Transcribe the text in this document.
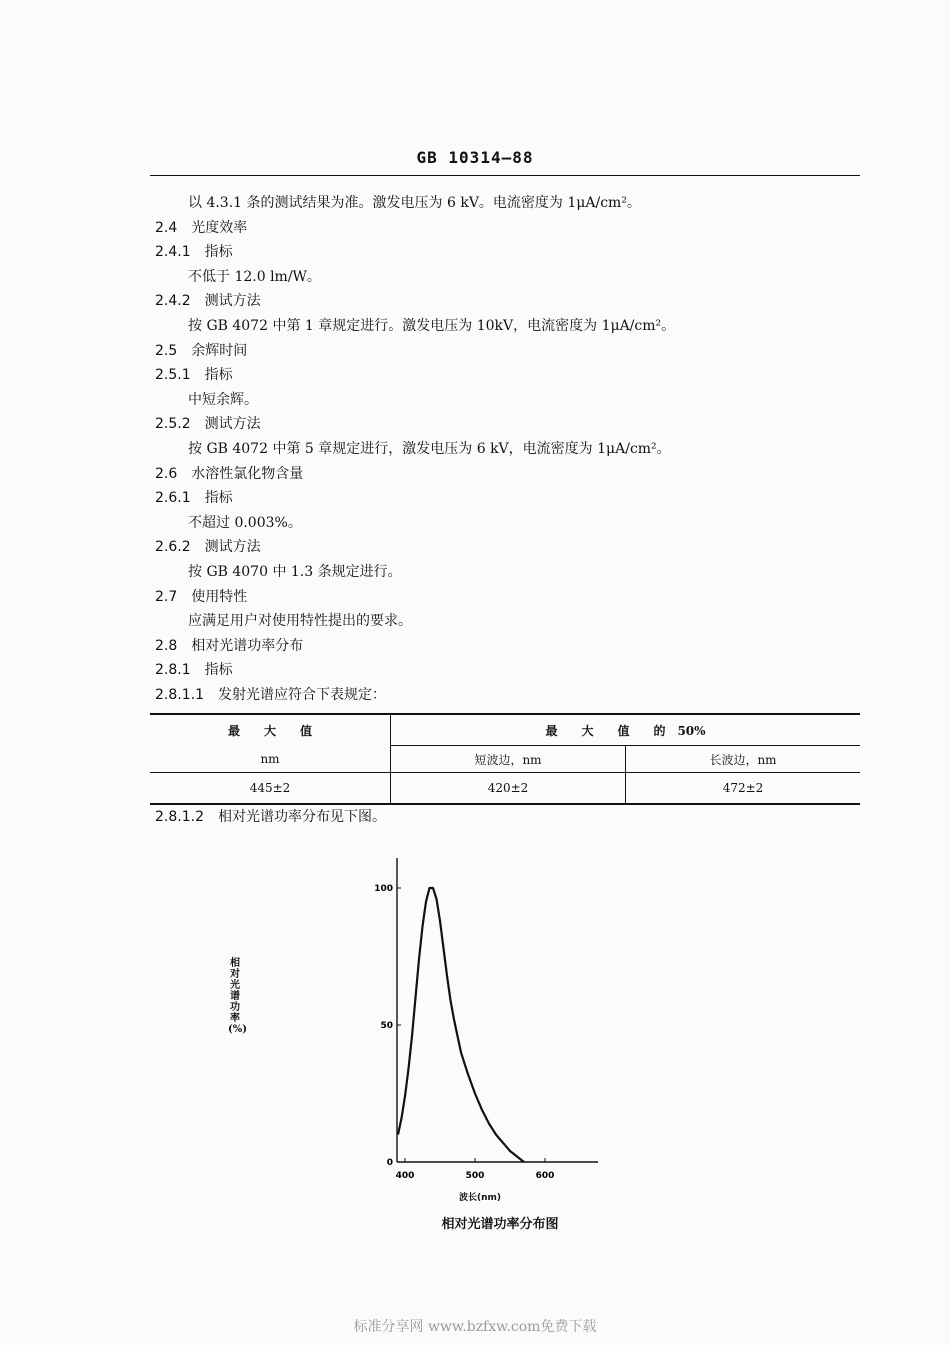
GB 10314—88
以 4.3.1 条的测试结果为准。激发电压为 6 kV。电流密度为 1μA/cm²。
2.4 光度效率
2.4.1 指标
不低于 12.0 lm/W。
2.4.2 测试方法
按 GB 4072 中第 1 章规定进行。激发电压为 10kV，电流密度为 1μA/cm²。
2.5 余辉时间
2.5.1 指标
中短余辉。
2.5.2 测试方法
按 GB 4072 中第 5 章规定进行，激发电压为 6 kV，电流密度为 1μA/cm²。
2.6 水溶性氯化物含量
2.6.1 指标
不超过 0.003%。
2.6.2 测试方法
按 GB 4070 中 1.3 条规定进行。
2.7 使用特性
应满足用户对使用特性提出的要求。
2.8 相对光谱功率分布
2.8.1 指标
2.8.1.1 发射光谱应符合下表规定：
最　　大　　值	最　　大　　值　　的　50%	
nm	短波边，nm	长波边，nm
445±2	420±2	472±2
2.8.1.2 相对光谱功率分布见下图。
0
50
100
400	500	600
相对光谱功率(%)
波长(nm)
相对光谱功率分布图
标准分享网 www.bzfxw.com免费下载
